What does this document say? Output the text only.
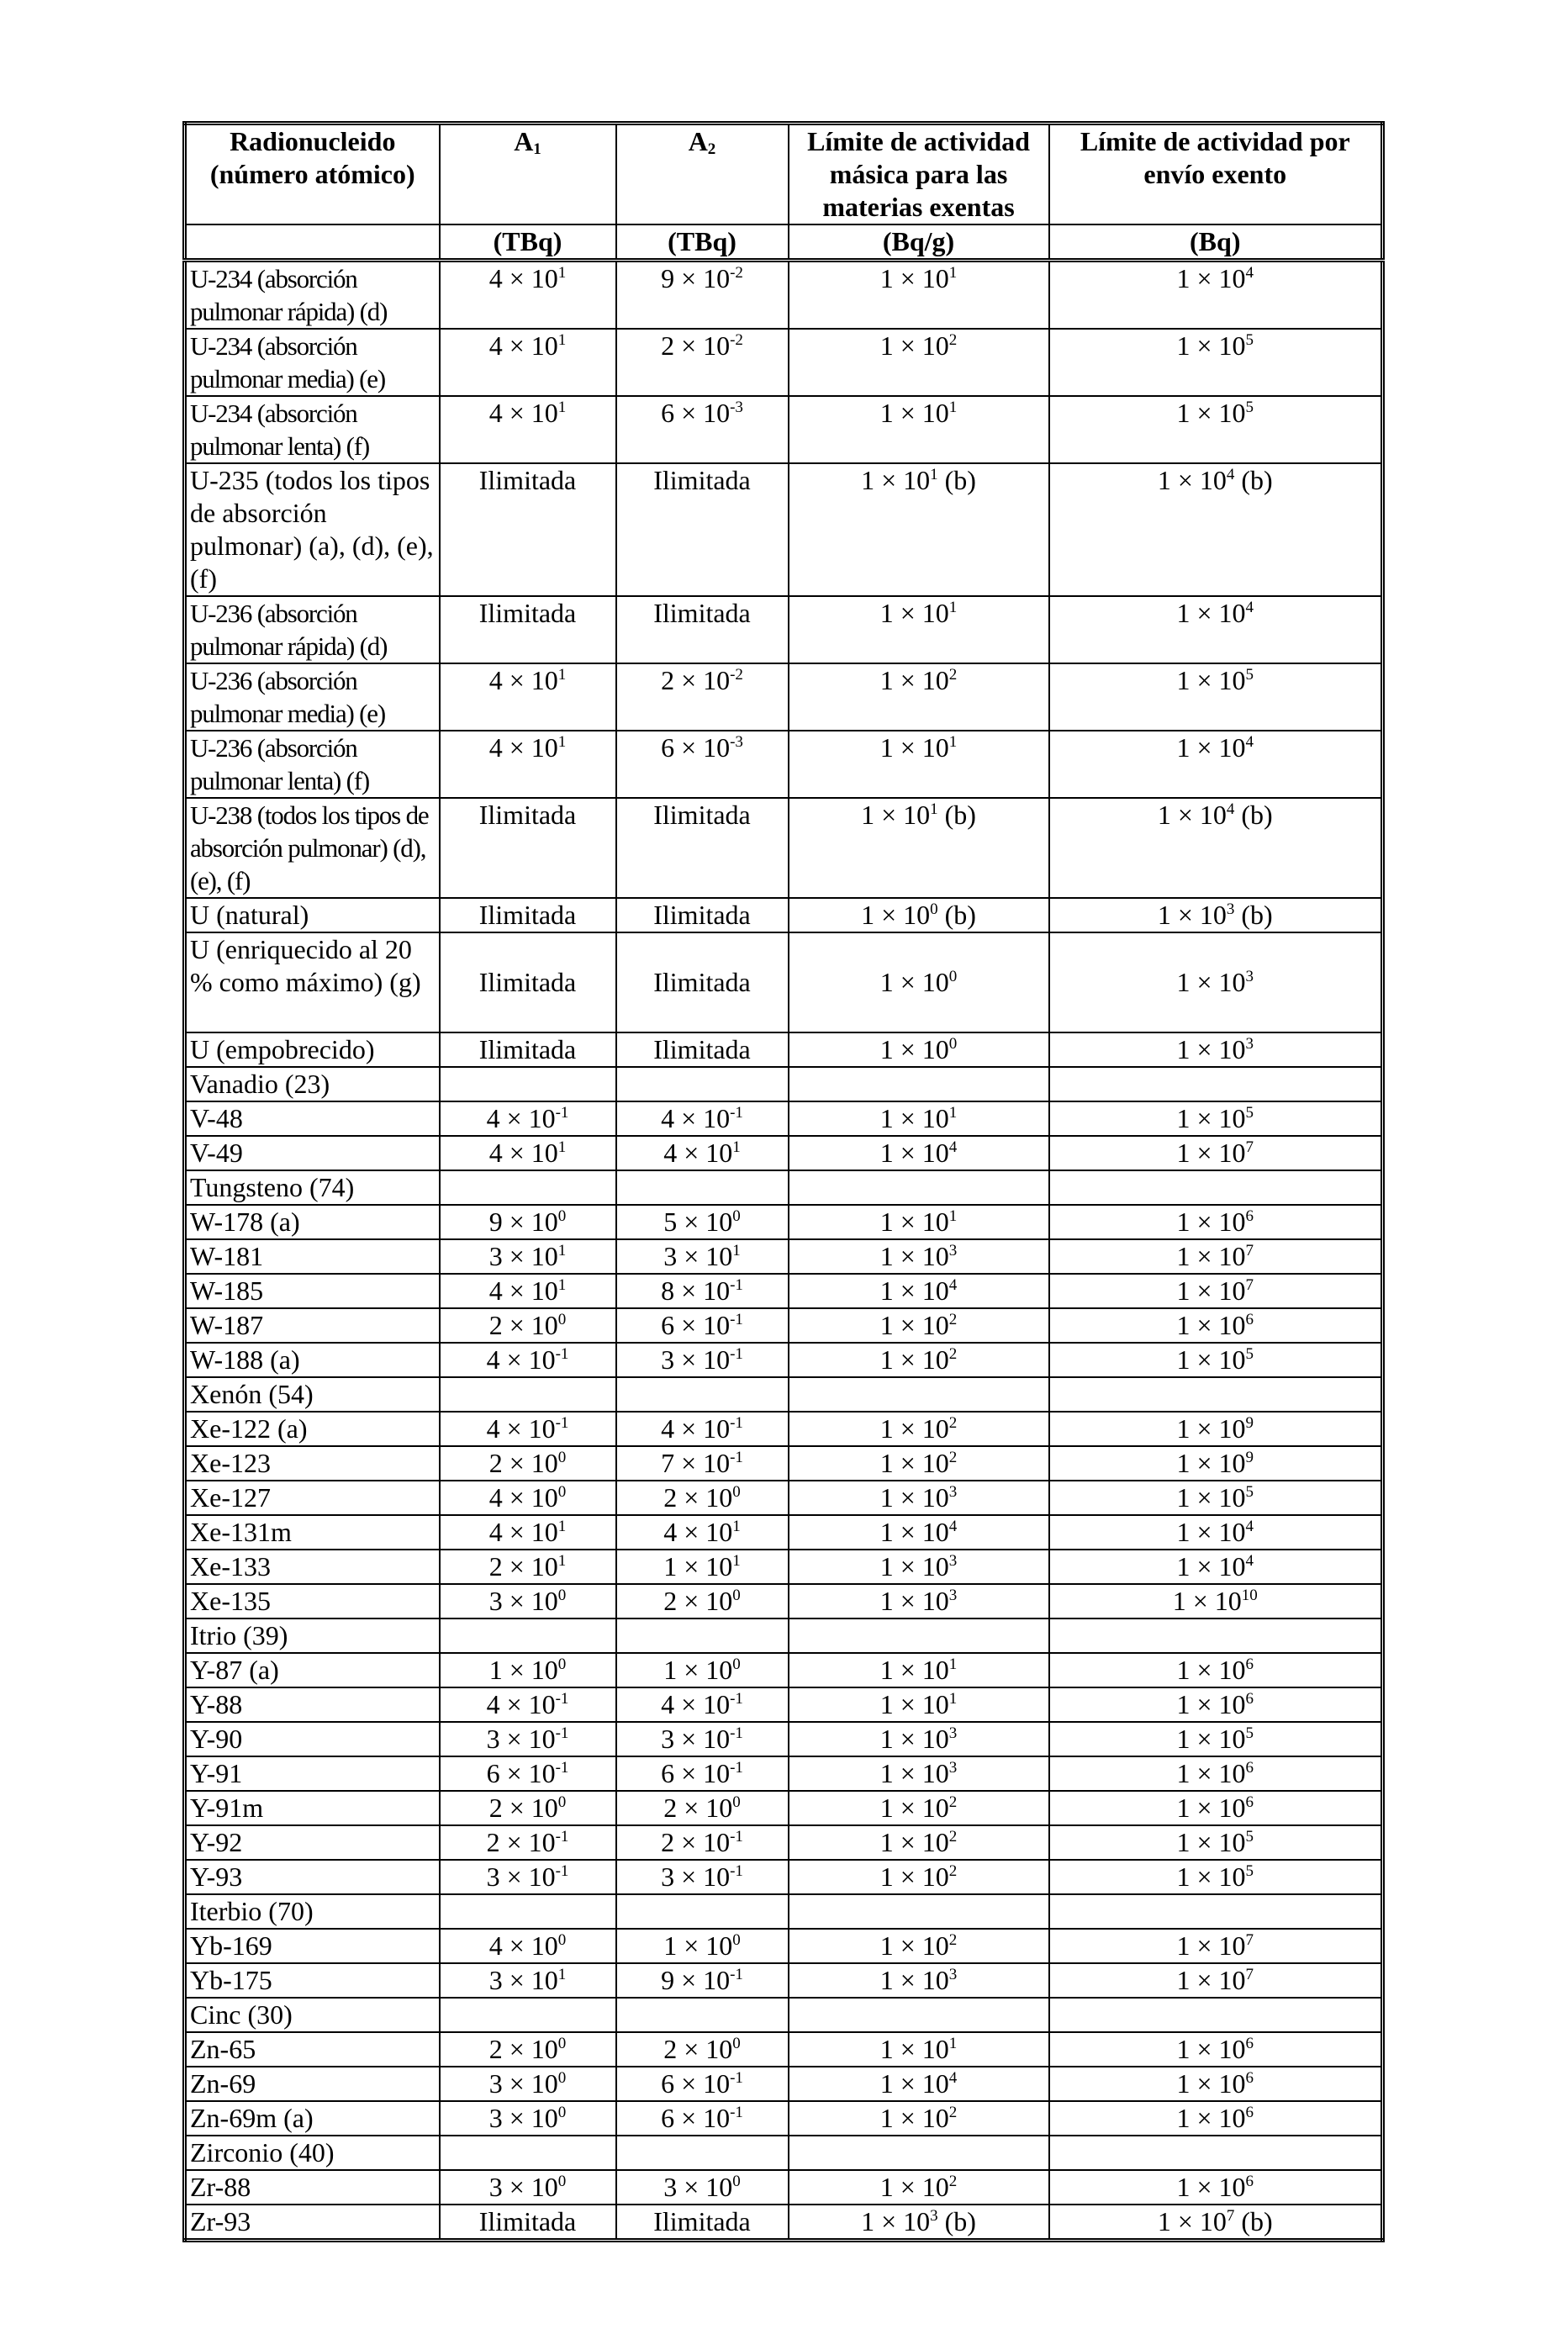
Radionucleido (número atómico)	$A_1$	$A_2$	Límite de actividad másica para las materias exentas	Límite de actividad por envío exento
	(TBq)	(TBq)	(Bq/g)	(Bq)
U-234 (absorción pulmonar rápida) (d)	$4 \times 10^1$	$9 \times 10^{-2}$	$1 \times 10^1$	$1 \times 10^4$
U-234 (absorción pulmonar media) (e)	$4 \times 10^1$	$2 \times 10^{-2}$	$1 \times 10^2$	$1 \times 10^5$
U-234 (absorción pulmonar lenta) (f)	$4 \times 10^1$	$6 \times 10^{-3}$	$1 \times 10^1$	$1 \times 10^5$
U-235 (todos los tipos de absorción pulmonar) (a), (d), (e), (f)	Ilimitada	Ilimitada	$1 \times 10^1$ (b)	$1 \times 10^4$ (b)
U-236 (absorción pulmonar rápida) (d)	Ilimitada	Ilimitada	$1 \times 10^1$	$1 \times 10^4$
U-236 (absorción pulmonar media) (e)	$4 \times 10^1$	$2 \times 10^{-2}$	$1 \times 10^2$	$1 \times 10^5$
U-236 (absorción pulmonar lenta) (f)	$4 \times 10^1$	$6 \times 10^{-3}$	$1 \times 10^1$	$1 \times 10^4$
U-238 (todos los tipos de absorción pulmonar) (d), (e), (f)	Ilimitada	Ilimitada	$1 \times 10^1$ (b)	$1 \times 10^4$ (b)
U (natural)	Ilimitada	Ilimitada	$1 \times 10^0$ (b)	$1 \times 10^3$ (b)
U (enriquecido al 20 % como máximo) (g)	Ilimitada	Ilimitada	$1 \times 10^0$	$1 \times 10^3$
U (empobrecido)	Ilimitada	Ilimitada	$1 \times 10^0$	$1 \times 10^3$
Vanadio (23)				
V-48	$4 \times 10^{-1}$	$4 \times 10^{-1}$	$1 \times 10^1$	$1 \times 10^5$
V-49	$4 \times 10^1$	$4 \times 10^1$	$1 \times 10^4$	$1 \times 10^7$
Tungsteno (74)				
W-178 (a)	$9 \times 10^0$	$5 \times 10^0$	$1 \times 10^1$	$1 \times 10^6$
W-181	$3 \times 10^1$	$3 \times 10^1$	$1 \times 10^3$	$1 \times 10^7$
W-185	$4 \times 10^1$	$8 \times 10^{-1}$	$1 \times 10^4$	$1 \times 10^7$
W-187	$2 \times 10^0$	$6 \times 10^{-1}$	$1 \times 10^2$	$1 \times 10^6$
W-188 (a)	$4 \times 10^{-1}$	$3 \times 10^{-1}$	$1 \times 10^2$	$1 \times 10^5$
Xenón (54)				
Xe-122 (a)	$4 \times 10^{-1}$	$4 \times 10^{-1}$	$1 \times 10^2$	$1 \times 10^9$
Xe-123	$2 \times 10^0$	$7 \times 10^{-1}$	$1 \times 10^2$	$1 \times 10^9$
Xe-127	$4 \times 10^0$	$2 \times 10^0$	$1 \times 10^3$	$1 \times 10^5$
Xe-131m	$4 \times 10^1$	$4 \times 10^1$	$1 \times 10^4$	$1 \times 10^4$
Xe-133	$2 \times 10^1$	$1 \times 10^1$	$1 \times 10^3$	$1 \times 10^4$
Xe-135	$3 \times 10^0$	$2 \times 10^0$	$1 \times 10^3$	$1 \times 10^{10}$
Itrio (39)				
Y-87 (a)	$1 \times 10^0$	$1 \times 10^0$	$1 \times 10^1$	$1 \times 10^6$
Y-88	$4 \times 10^{-1}$	$4 \times 10^{-1}$	$1 \times 10^1$	$1 \times 10^6$
Y-90	$3 \times 10^{-1}$	$3 \times 10^{-1}$	$1 \times 10^3$	$1 \times 10^5$
Y-91	$6 \times 10^{-1}$	$6 \times 10^{-1}$	$1 \times 10^3$	$1 \times 10^6$
Y-91m	$2 \times 10^0$	$2 \times 10^0$	$1 \times 10^2$	$1 \times 10^6$
Y-92	$2 \times 10^{-1}$	$2 \times 10^{-1}$	$1 \times 10^2$	$1 \times 10^5$
Y-93	$3 \times 10^{-1}$	$3 \times 10^{-1}$	$1 \times 10^2$	$1 \times 10^5$
Iterbio (70)				
Yb-169	$4 \times 10^0$	$1 \times 10^0$	$1 \times 10^2$	$1 \times 10^7$
Yb-175	$3 \times 10^1$	$9 \times 10^{-1}$	$1 \times 10^3$	$1 \times 10^7$
Cinc (30)				
Zn-65	$2 \times 10^0$	$2 \times 10^0$	$1 \times 10^1$	$1 \times 10^6$
Zn-69	$3 \times 10^0$	$6 \times 10^{-1}$	$1 \times 10^4$	$1 \times 10^6$
Zn-69m (a)	$3 \times 10^0$	$6 \times 10^{-1}$	$1 \times 10^2$	$1 \times 10^6$
Zirconio (40)				
Zr-88	$3 \times 10^0$	$3 \times 10^0$	$1 \times 10^2$	$1 \times 10^6$
Zr-93	Ilimitada	Ilimitada	$1 \times 10^3$ (b)	$1 \times 10^7$ (b)
